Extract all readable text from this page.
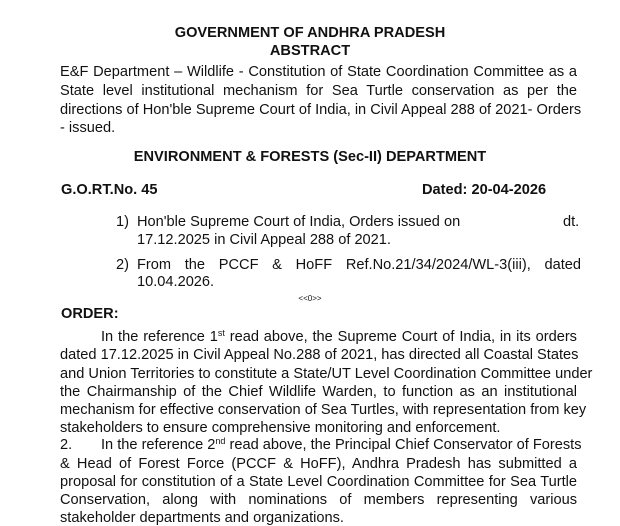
GOVERNMENT OF ANDHRA PRADESH
ABSTRACT
E&F Department – Wildlife - Constitution of State Coordination Committee as a
State level institutional mechanism for Sea Turtle conservation as per the
directions of Hon'ble Supreme Court of India, in Civil Appeal 288 of 2021- Orders
- issued.
ENVIRONMENT & FORESTS (Sec-II) DEPARTMENT
G.O.RT.No. 45	Dated: 20-04-2026
1) Hon'ble Supreme Court of India, Orders issued on	dt.
17.12.2025 in Civil Appeal 288 of 2021.
2) From the PCCF & HoFF Ref.No.21/34/2024/WL-3(iii), dated
10.04.2026.
<<0>>
ORDER:
In the reference 1st read above, the Supreme Court of India, in its orders
dated 17.12.2025 in Civil Appeal No.288 of 2021, has directed all Coastal States
and Union Territories to constitute a State/UT Level Coordination Committee under
the Chairmanship of the Chief Wildlife Warden, to function as an institutional
mechanism for effective conservation of Sea Turtles, with representation from key
stakeholders to ensure comprehensive monitoring and enforcement.
2. In the reference 2nd read above, the Principal Chief Conservator of Forests
& Head of Forest Force (PCCF & HoFF), Andhra Pradesh has submitted a
proposal for constitution of a State Level Coordination Committee for Sea Turtle
Conservation, along with nominations of members representing various
stakeholder departments and organizations.
